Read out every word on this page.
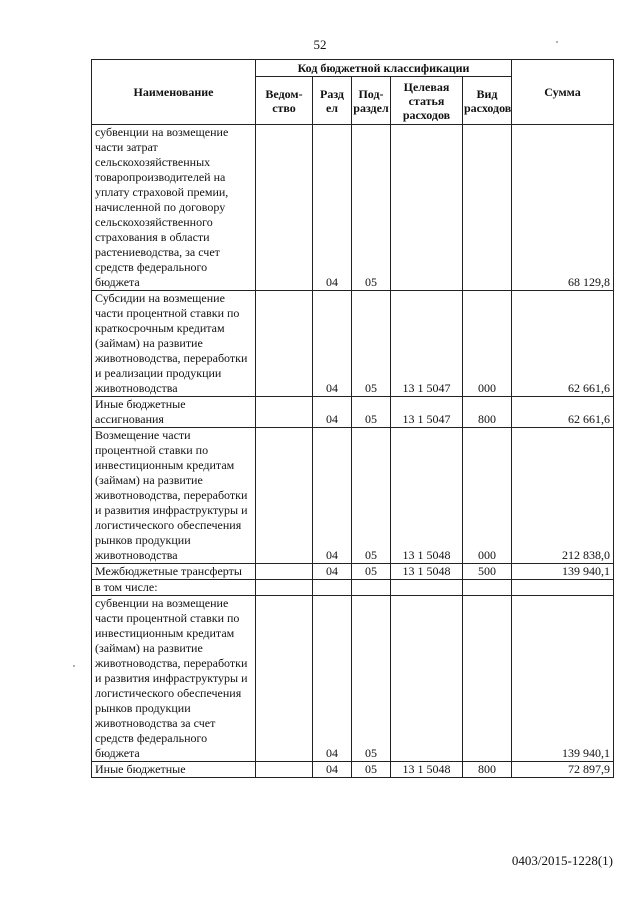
52
Наименование	Код бюджетной классификации					Сумма
	Ведом-ство	Разд ел	Под-раздел	Целевая статья расходов	Вид расходов	
субвенции на возмещение части затрат сельскохозяйственных товаропроизводителей на уплату страховой премии, начисленной по договору сельскохозяйственного страхования в области растениеводства, за счет средств федерального бюджета		04	05			68 129,8
Субсидии на возмещение части процентной ставки по краткосрочным кредитам (займам) на развитие животноводства, переработки и реализации продукции животноводства		04	05	13 1 5047	000	62 661,6
Иные бюджетные ассигнования		04	05	13 1 5047	800	62 661,6
Возмещение части процентной ставки по инвестиционным кредитам (займам) на развитие животноводства, переработки и развития инфраструктуры и логистического обеспечения рынков продукции животноводства		04	05	13 1 5048	000	212 838,0
Межбюджетные трансферты		04	05	13 1 5048	500	139 940,1
в том числе:						
субвенции на возмещение части процентной ставки по инвестиционным кредитам (займам) на развитие животноводства, переработки и развития инфраструктуры и логистического обеспечения рынков продукции животноводства за счет средств федерального бюджета		04	05			139 940,1
Иные бюджетные		04	05	13 1 5048	800	72 897,9
0403/2015-1228(1)
